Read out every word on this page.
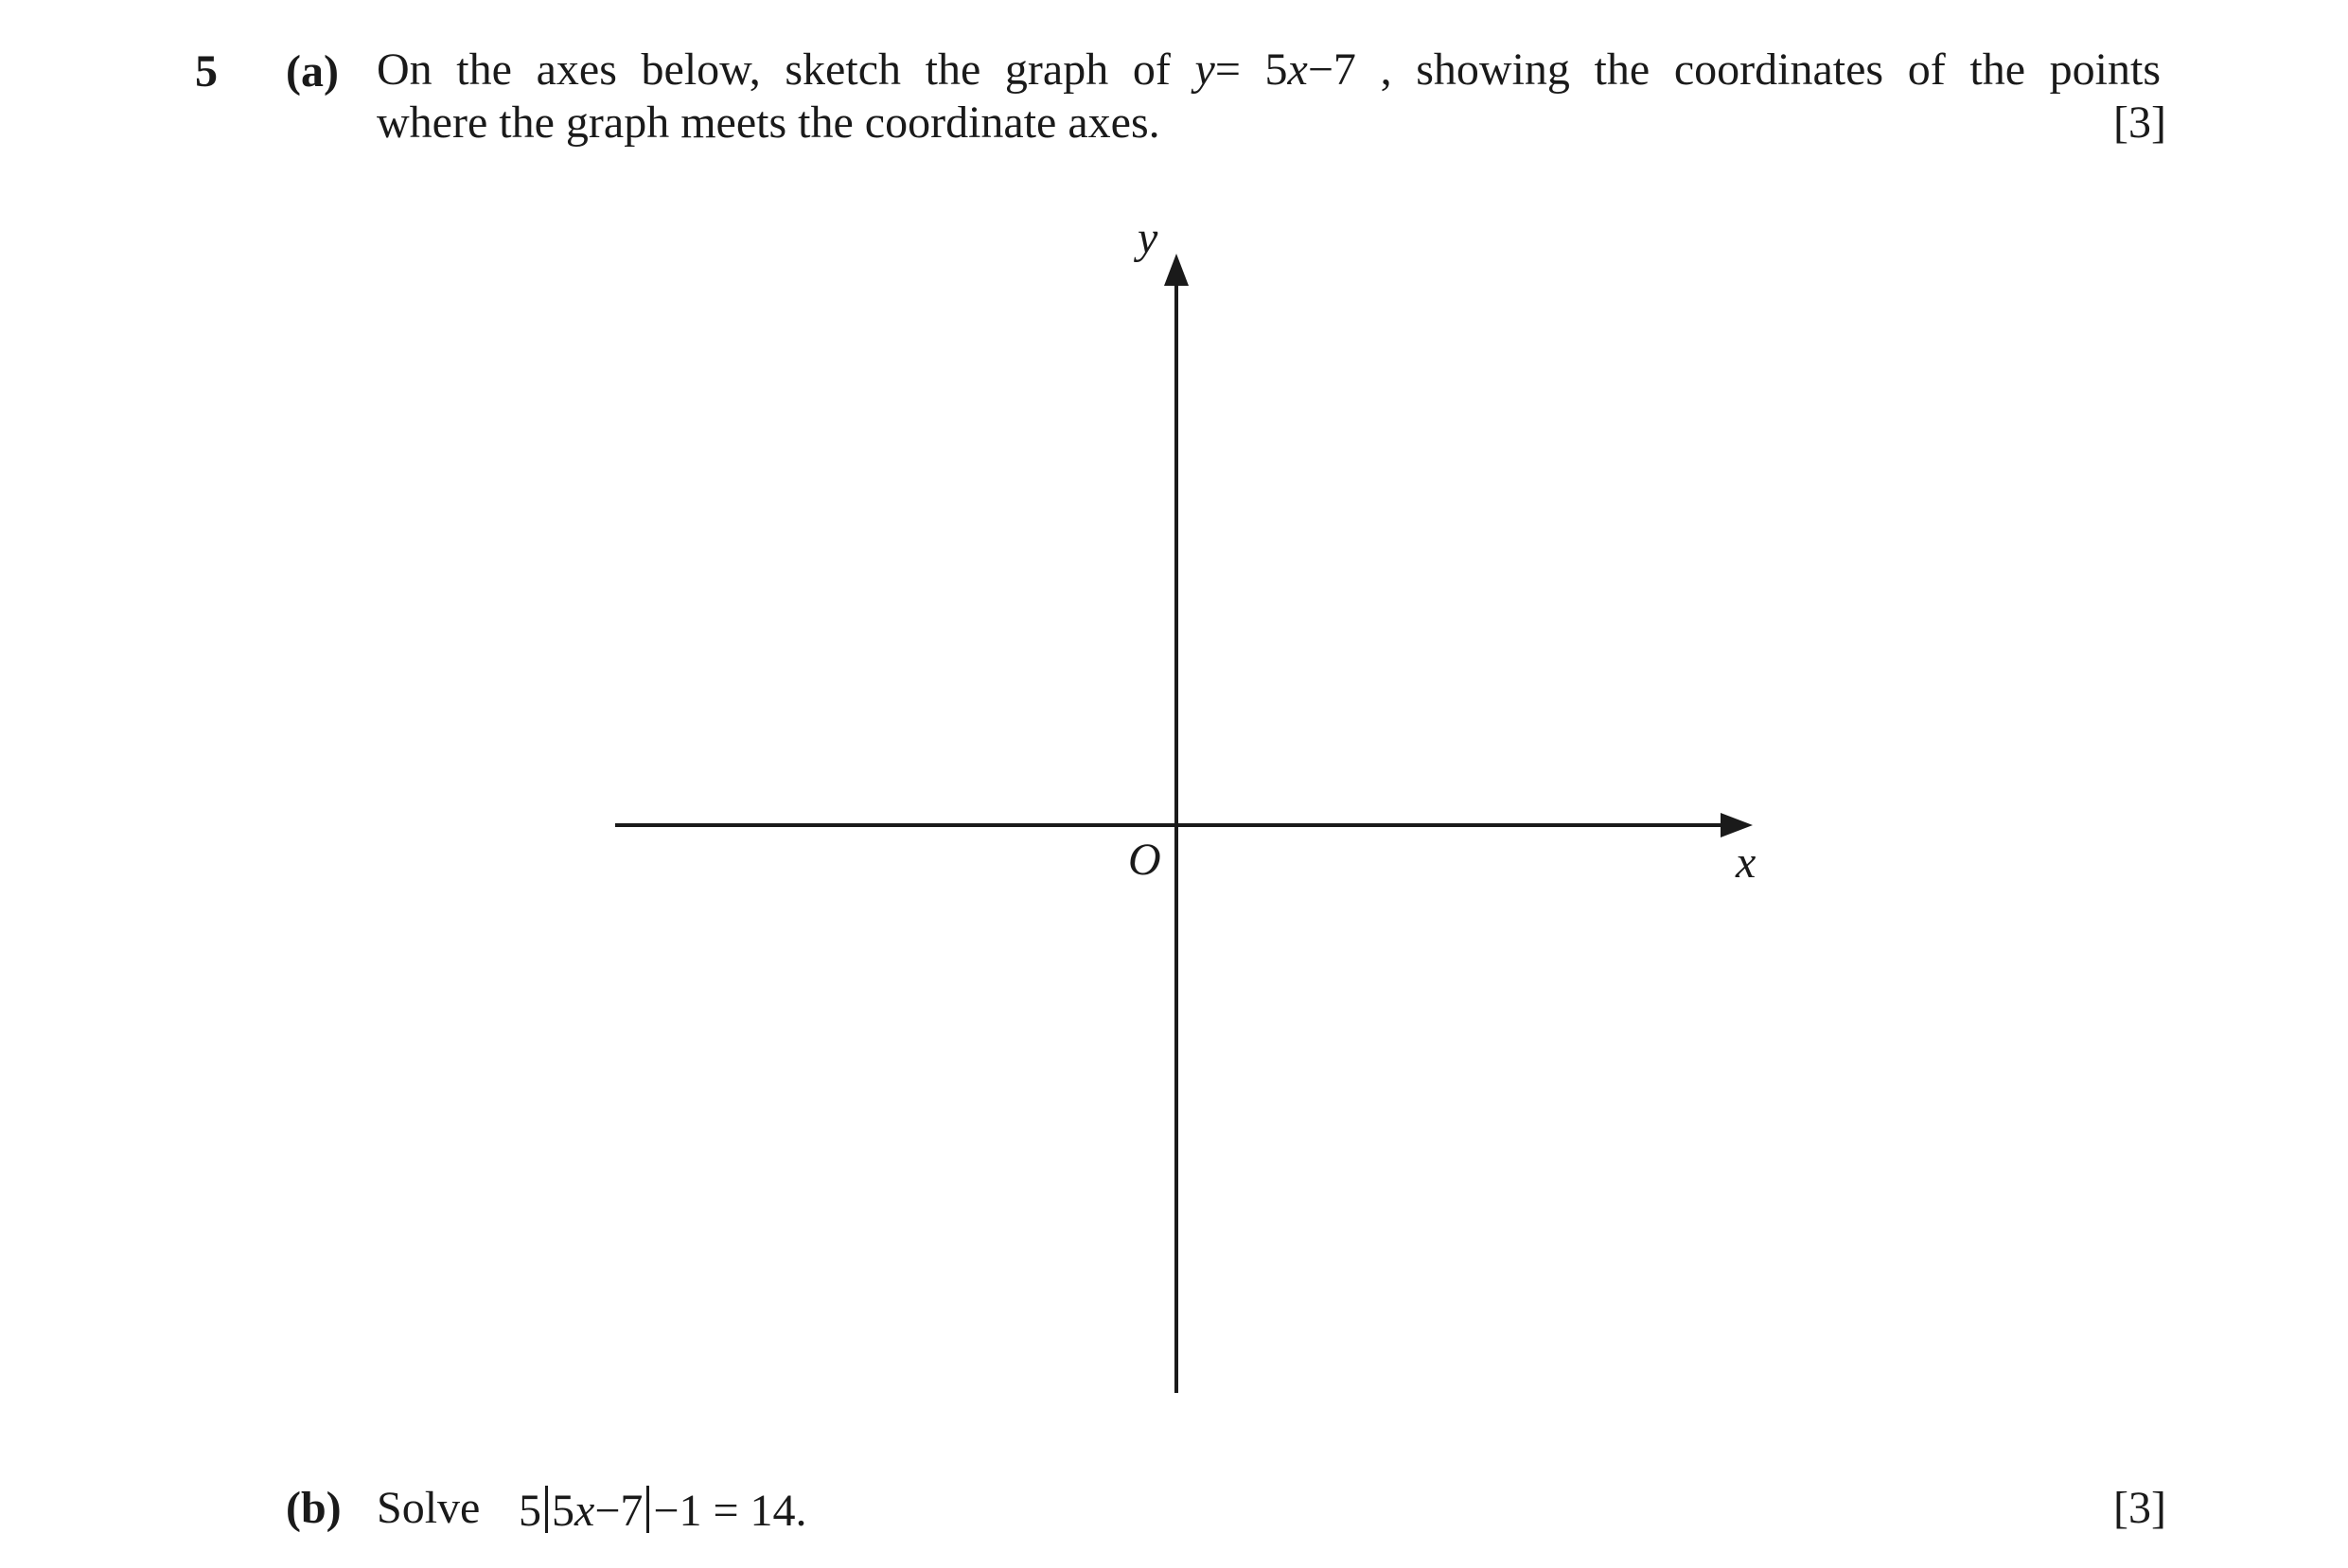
5 (a) On the axes below, sketch the graph of y= 5x−7 , showing the coordinates of the points
where the graph meets the coordinate axes.	[3]
y
x
O
(b) Solve 5 5x−7 −1 = 14.	[3]
